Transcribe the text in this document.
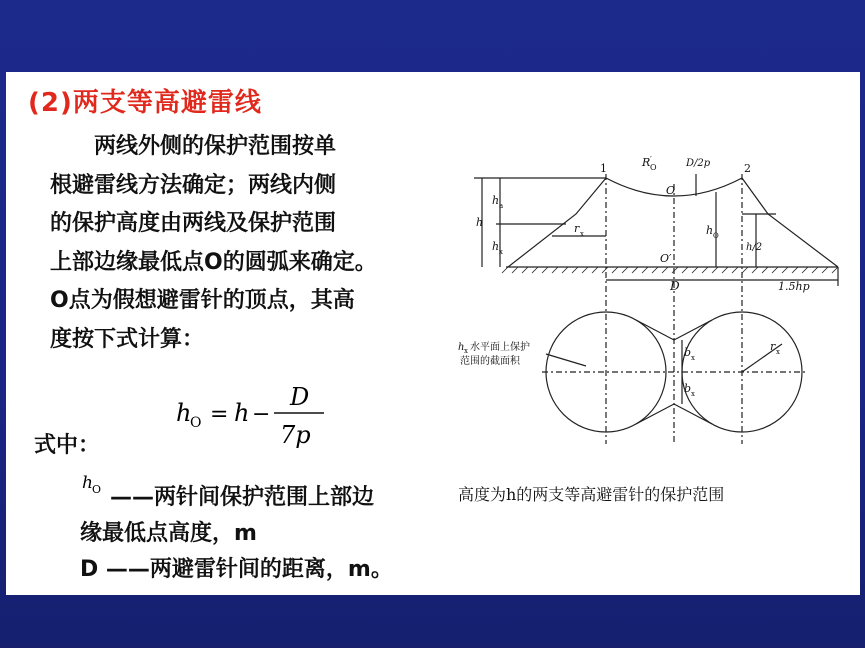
(2)两支等高避雷线
两线外侧的保护范围按单
根避雷线方法确定；两线内侧
的保护高度由两线及保护范围
上部边缘最低点O的圆弧来确定。
O点为假想避雷针的顶点，其高
度按下式计算：
h
O = h −
D
7p
式中：
h O ——两针间保护范围上部边
缘最低点高度，m
D ——两避雷针间的距离，m。
1	2
R O
′	D/2p
O
O′
h
h a
h x
r x	h O
h/2
D	1.5hp
b x
b x
r x
h x 水平面上保护
范围的截面积
高度为h的两支等高避雷针的保护范围
